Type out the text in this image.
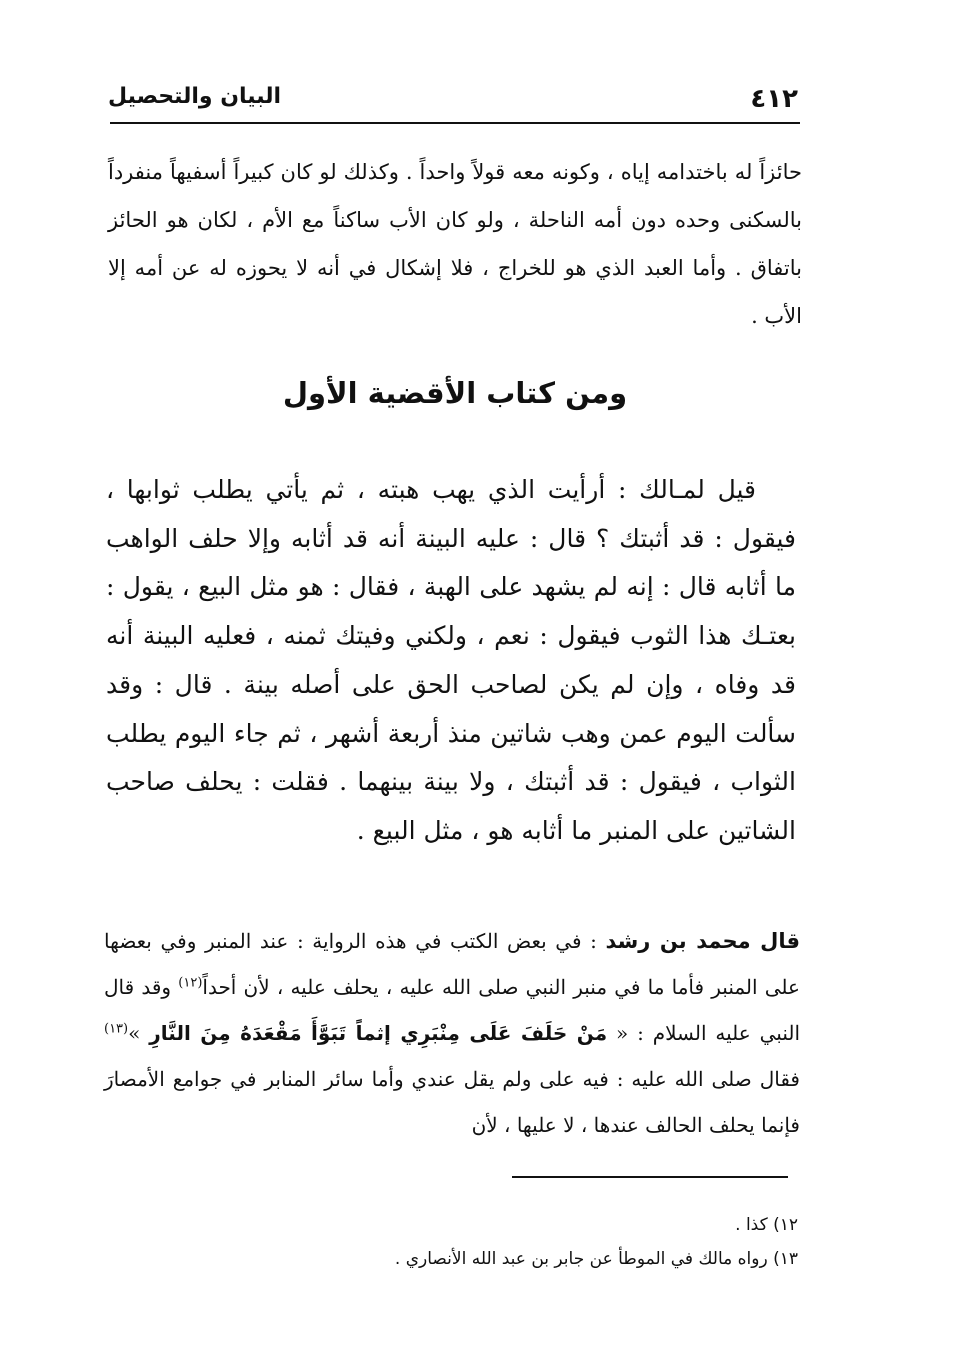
٤١٢
البيان والتحصيل

حائزاً له باختدامه إياه ، وكونه معه قولاً واحداً . وكذلك لو كان كبيراً أسفيهاً منفرداً بالسكنى وحده دون أمه الناحلة ، ولو كان الأب ساكناً مع الأم ، لكان هو الحائز باتفاق . وأما العبد الذي هو للخراج ، فلا إشكال في أنه لا يحوزه له عن أمه إلا الأب .

ومن كتاب الأقضية الأول

قيل لمـالك : أرأيت الذي يهب هبته ، ثم يأتي يطلب ثوابها ، فيقول : قد أثبتك ؟ قال : عليه البينة أنه قد أثابه وإلا حلف الواهب ما أثابه قال : إنه لم يشهد على الهبة ، فقال : هو مثل البيع ، يقول : بعتـك هذا الثوب فيقول : نعم ، ولكني وفيتك ثمنه ، فعليه البينة أنه قد وفاه ، وإن لم يكن لصاحب الحق على أصله بينة . قال : وقد سألت اليوم عمن وهب شاتين منذ أربعة أشهر ، ثم جاء اليوم يطلب الثواب ، فيقول : قد أثبتك ، ولا بينة بينهما . فقلت : يحلف صاحب الشاتين على المنبر ما أثابه هو ، مثل البيع .

قال محمد بن رشد : في بعض الكتب في هذه الرواية : عند المنبر وفي بعضها على المنبر فأما ما في منبر النبي صلى الله عليه ، يحلف عليه ، لأن أحداً$^{(١٢)}$ وقد قال النبي عليه السلام : « مَنْ حَلَفَ عَلَى مِنْبَرِي إثماً تَبَوَّأَ مَقْعَدَهُ مِنَ النَّارِ »$^{(١٣)}$ فقال صلى الله عليه : فيه على ولم يقل عندي وأما سائر المنابر في جوامع الأمصارَ فإنما يحلف الحالف عندها ، لا عليها ، لأن

١٢) كذا .
١٣) رواه مالك في الموطأ عن جابر بن عبد الله الأنصاري .
